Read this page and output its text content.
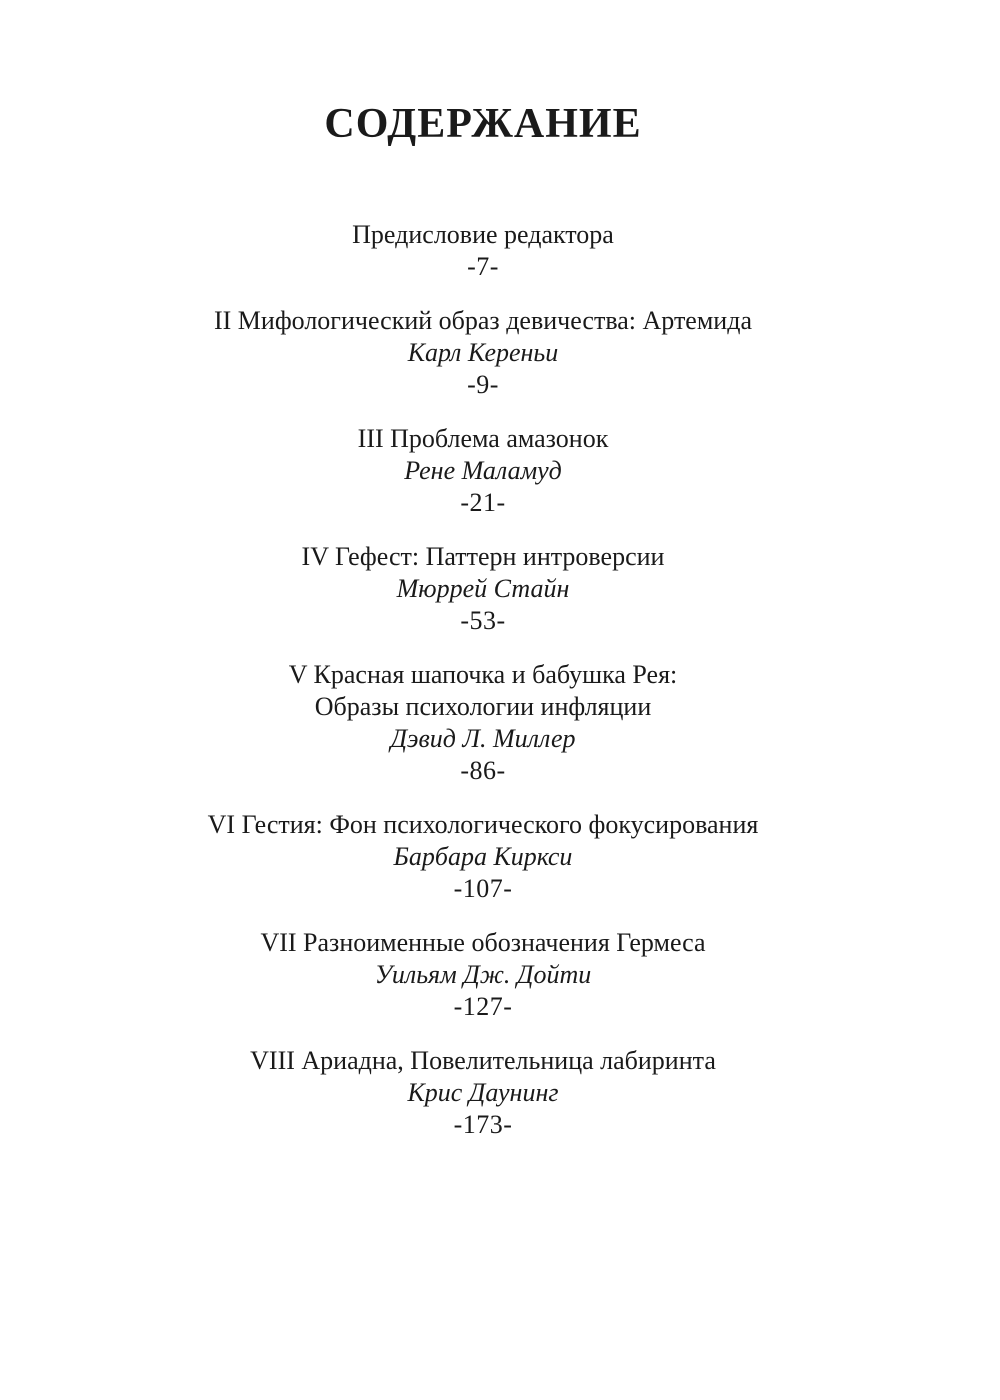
СОДЕРЖАНИЕ
Предисловие редактора
-7-
II Мифологический образ девичества: Артемида
Карл Кереньи
-9-
III Проблема амазонок
Рене Маламуд
-21-
IV Гефест: Паттерн интроверсии
Мюррей Стайн
-53-
V Красная шапочка и бабушка Рея:
Образы психологии инфляции
Дэвид Л. Миллер
-86-
VI Гестия: Фон психологического фокусирования
Барбара Киркси
-107-
VII Разноименные обозначения Гермеса
Уильям Дж. Дойти
-127-
VIII Ариадна, Повелительница лабиринта
Крис Даунинг
-173-
